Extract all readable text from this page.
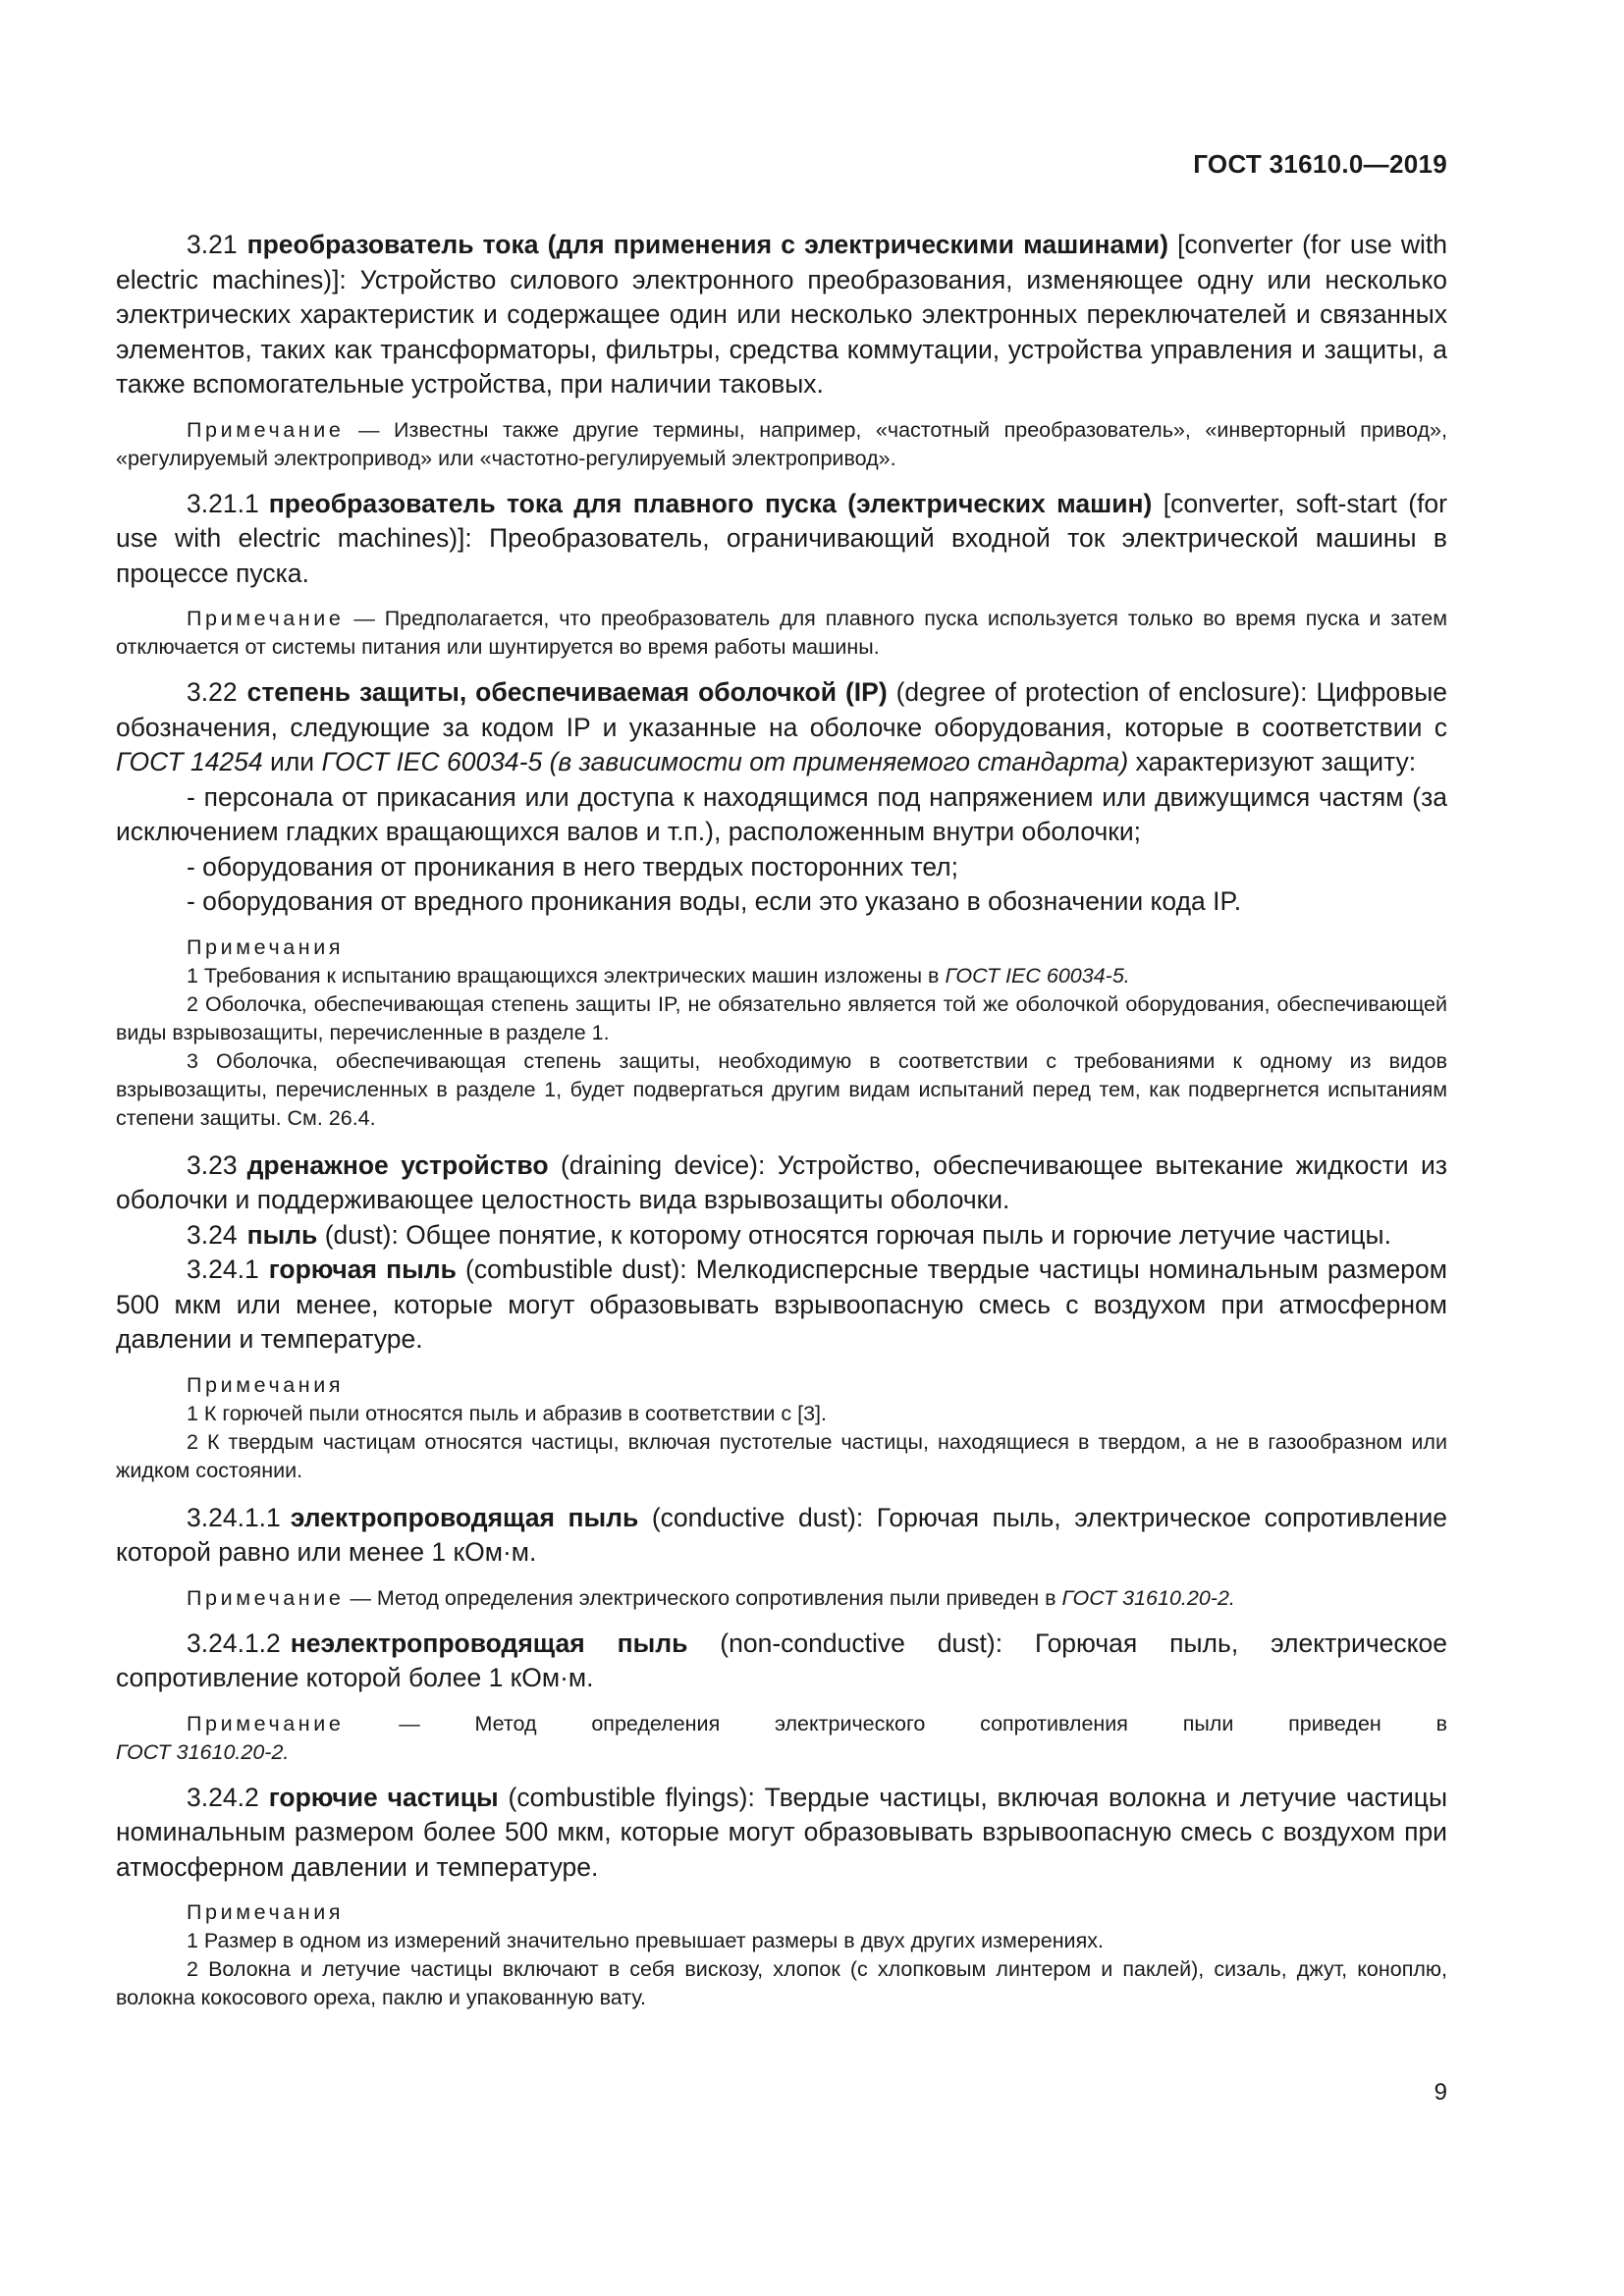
ГОСТ 31610.0—2019

3.21 преобразователь тока (для применения с электрическими машинами) [converter (for use with electric machines)]: Устройство силового электронного преобразования, изменяющее одну или несколько электрических характеристик и содержащее один или несколько электронных переключателей и связанных элементов, таких как трансформаторы, фильтры, средства коммутации, устройства управления и защиты, а также вспомогательные устройства, при наличии таковых.

Примечание — Известны также другие термины, например, «частотный преобразователь», «инверторный привод», «регулируемый электропривод» или «частотно-регулируемый электропривод».

3.21.1 преобразователь тока для плавного пуска (электрических машин) [converter, soft-start (for use with electric machines)]: Преобразователь, ограничивающий входной ток электрической машины в процессе пуска.

Примечание — Предполагается, что преобразователь для плавного пуска используется только во время пуска и затем отключается от системы питания или шунтируется во время работы машины.

3.22 степень защиты, обеспечиваемая оболочкой (IP) (degree of protection of enclosure): Цифровые обозначения, следующие за кодом IP и указанные на оболочке оборудования, которые в соответствии с ГОСТ 14254 или ГОСТ IEC 60034-5 (в зависимости от применяемого стандарта) характеризуют защиту:

- персонала от прикасания или доступа к находящимся под напряжением или движущимся частям (за исключением гладких вращающихся валов и т.п.), расположенным внутри оболочки;

- оборудования от проникания в него твердых посторонних тел;

- оборудования от вредного проникания воды, если это указано в обозначении кода IP.

Примечания

1 Требования к испытанию вращающихся электрических машин изложены в ГОСТ IEC 60034-5.

2 Оболочка, обеспечивающая степень защиты IP, не обязательно является той же оболочкой оборудования, обеспечивающей виды взрывозащиты, перечисленные в разделе 1.

3 Оболочка, обеспечивающая степень защиты, необходимую в соответствии с требованиями к одному из видов взрывозащиты, перечисленных в разделе 1, будет подвергаться другим видам испытаний перед тем, как подвергнется испытаниям степени защиты. См. 26.4.

3.23 дренажное устройство (draining device): Устройство, обеспечивающее вытекание жидкости из оболочки и поддерживающее целостность вида взрывозащиты оболочки.

3.24 пыль (dust): Общее понятие, к которому относятся горючая пыль и горючие летучие частицы.

3.24.1 горючая пыль (combustible dust): Мелкодисперсные твердые частицы номинальным размером 500 мкм или менее, которые могут образовывать взрывоопасную смесь с воздухом при атмосферном давлении и температуре.

Примечания

1 К горючей пыли относятся пыль и абразив в соответствии с [3].

2 К твердым частицам относятся частицы, включая пустотелые частицы, находящиеся в твердом, а не в газообразном или жидком состоянии.

3.24.1.1 электропроводящая пыль (conductive dust): Горючая пыль, электрическое сопротивление которой равно или менее 1 кОм·м.

Примечание — Метод определения электрического сопротивления пыли приведен в ГОСТ 31610.20-2.

3.24.1.2 неэлектропроводящая пыль (non-conductive dust): Горючая пыль, электрическое сопротивление которой более 1 кОм·м.

Примечание	— Метод определения электрического сопротивления пыли приведен в

ГОСТ 31610.20-2.

3.24.2 горючие частицы (combustible flyings): Твердые частицы, включая волокна и летучие частицы номинальным размером более 500 мкм, которые могут образовывать взрывоопасную смесь с воздухом при атмосферном давлении и температуре.

Примечания

1 Размер в одном из измерений значительно превышает размеры в двух других измерениях.

2 Волокна и летучие частицы включают в себя вискозу, хлопок (с хлопковым линтером и паклей), сизаль, джут, коноплю, волокна кокосового ореха, паклю и упакованную вату.

9
